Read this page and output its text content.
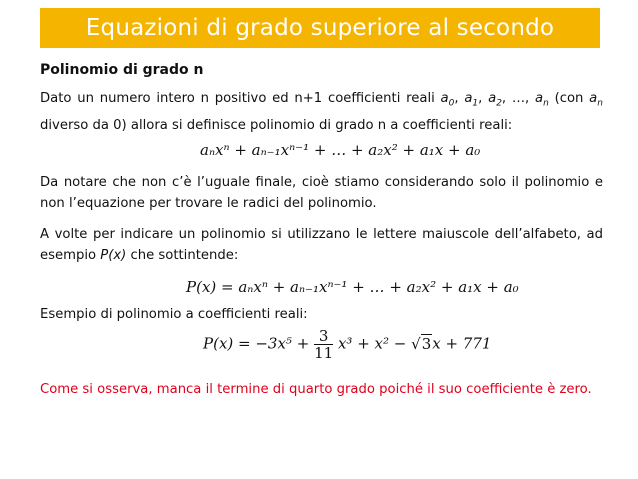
Equazioni di grado superiore al secondo
Polinomio di grado n
Dato un numero intero n positivo ed n+1 coefficienti reali $a_0$, $a_1$, $a_2$, …, $a_n$ (con $a_n$ diverso da 0) allora si definisce polinomio di grado n a coefficienti reali:
aₙxⁿ + aₙ₋₁xⁿ⁻¹ + … + a₂x² + a₁x + a₀
Da notare che non c’è l’uguale finale, cioè stiamo considerando solo il polinomio e non l’equazione per trovare le radici del polinomio.
A volte per indicare un polinomio si utilizzano le lettere maiuscole dell’alfabeto, ad esempio P(x) che sottintende:
P(x) = aₙxⁿ + aₙ₋₁xⁿ⁻¹ + … + a₂x² + a₁x + a₀
Esempio di polinomio a coefficienti reali:
$P(x) = -3x^5 + \frac{3}{11} x^3 + x^2 - √3x + 771$
Come si osserva, manca il termine di quarto grado poiché il suo coefficiente è zero.
